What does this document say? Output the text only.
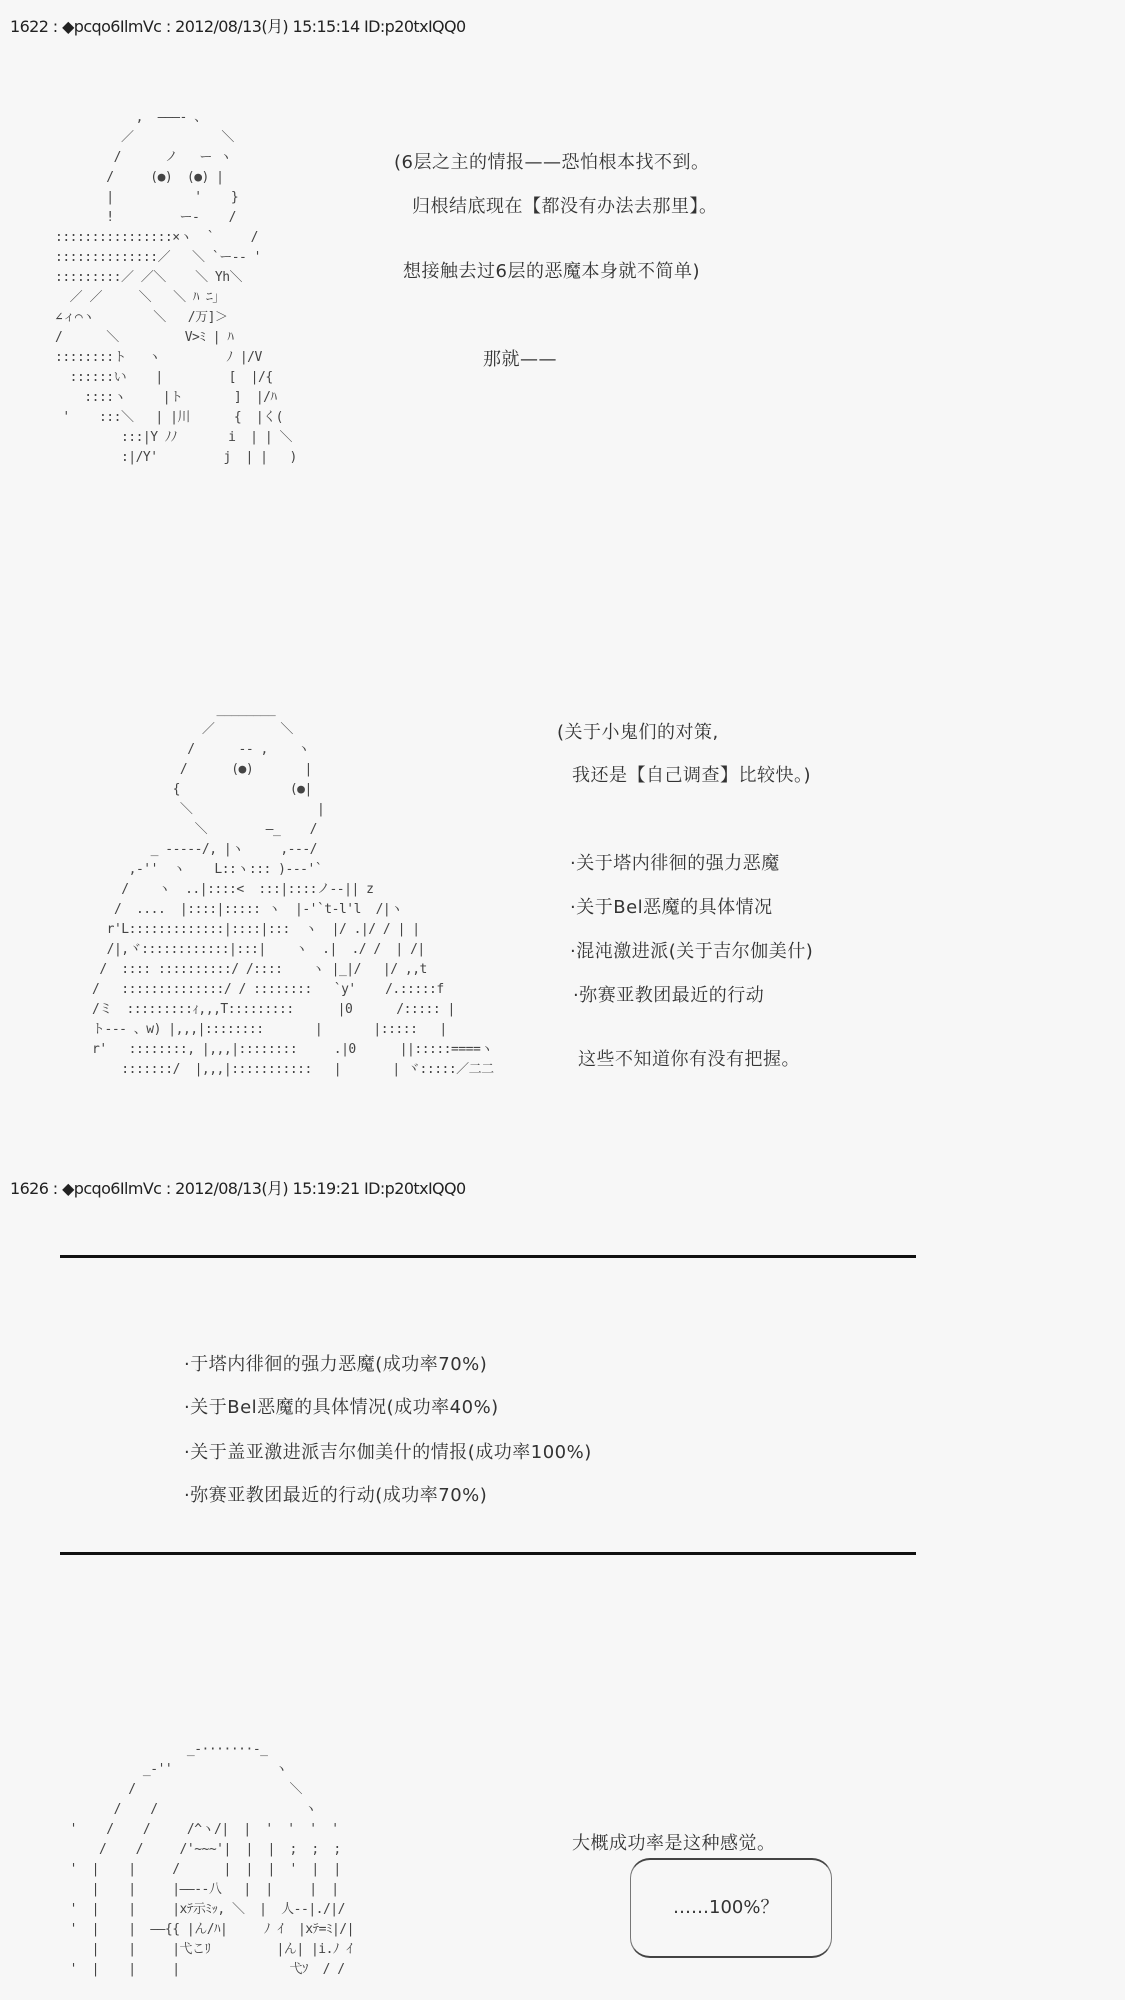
1622 : ◆pcqo6IlmVc : 2012/08/13(月) 15:15:14 ID:p20txIQQ0
,  ―――- 、
／            ＼
/      ノ   ー ヽ
/     (●)  (●) |
|           '    }
!         ー-    /
::::::::::::::::×ヽ  `     /
::::::::::::::／   ＼ `ー-- '
:::::::::／ ／＼    ＼ Yh＼
／ ／     ＼   ＼ ﾊ ﾆ」
∠ィ⌒ヽ        ＼   /万]＞
/      ＼         V>ﾐ | ﾊ
::::::::ト   ヽ         ﾉ |/V
::::::い    |         [  |/{
::::ヽ     |ト       ]  |/ﾊ
'    :::＼   | |川      {  |く(
:::|Y ﾉﾉ       i  | | ＼
:|/Y'         j  | |   )
(6层之主的情报——恐怕根本找不到。
归根结底现在【都没有办法去那里】。
想接触去过6层的恶魔本身就不简单)
那就——
________
／         ＼
/      -- ,    ヽ
/      (●)       |
{               (●|
＼                 |
＼        ―_    /
_ -----/, |ヽ     ,---/
,-''  ヽ    L::ヽ::: )---'`
/    ヽ  ..|::::<  :::|::::ノ--|| z
/  ....  |::::|::::: ヽ  |-'`t-l'l  /|ヽ
r'L:::::::::::::|::::|:::  ヽ  |/ .|/ / | |
/|,ヾ::::::::::::|:::|    ヽ  .|  ./ /  | /|
/  :::: ::::::::::/ /::::    ヽ |_|/   |/ ,,t
/   ::::::::::::::/ / ::::::::   `y'    /.:::::f
/ミ  :::::::::ｨ,,,T:::::::::      |0      /::::: |
ト--- 、w) |,,,|::::::::       |       |:::::   |
r'   ::::::::, |,,,|::::::::     .|0      ||:::::====ヽ
:::::::/  |,,,|:::::::::::   |       | ヾ:::::／二二
(关于小鬼们的对策,
我还是【自己调查】比较快。)
·关于塔内徘徊的强力恶魔
·关于Bel恶魔的具体情况
·混沌激进派(关于吉尔伽美什)
·弥赛亚教团最近的行动
这些不知道你有没有把握。
1626 : ◆pcqo6IlmVc : 2012/08/13(月) 15:19:21 ID:p20txIQQ0
·于塔内徘徊的强力恶魔(成功率70%)
·关于Bel恶魔的具体情况(成功率40%)
·关于盖亚激进派吉尔伽美什的情报(成功率100%)
·弥赛亚教团最近的行动(成功率70%)
_-·······-_
_-''              ヽ
/                     ＼
/    /                    ヽ
'    /    /     /^ヽ/|  |  '  '  '  '
/    /     /'~~~'|  |  |  ;  ;  ;
'  |    |     /      |  |  |  '  |  |
|    |     |――--八   |  |     |  |
'  |    |     |xﾃ示ﾐｯ, ＼  |  人--|./|/
'  |    |  ――{{ |ん/ﾊ|     ﾉ ｲ  |xﾃ=ﾐ|/|
|    |     |弋こﾘ         |ん| |i.ﾉ ｲ
'  |    |     |               弋ｿ  / /
大概成功率是这种感觉。
……100%？
